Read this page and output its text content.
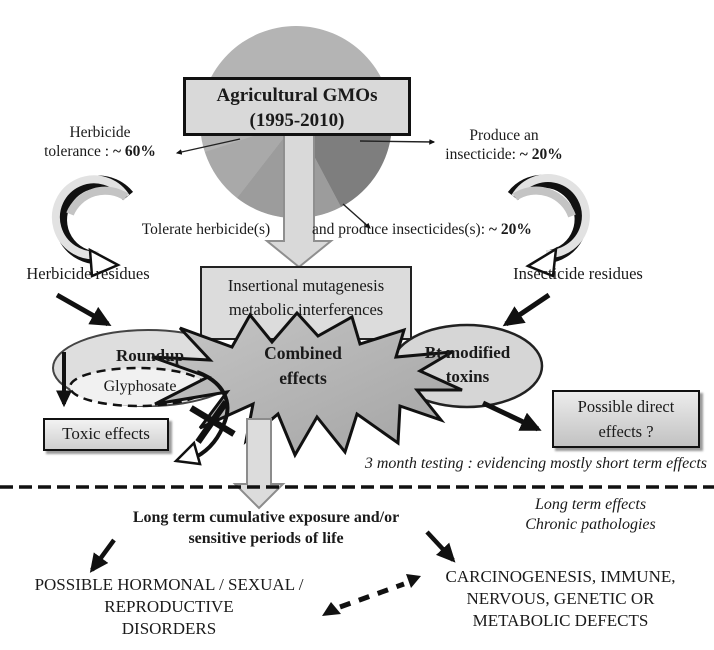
Agricultural GMOs
(1995-2010)
Insertional mutagenesis
metabolic interferences
Toxic effects
Possible direct
effects ?
Herbicide
tolerance : ~ 60%
Produce an
insecticide: ~ 20%
Tolerate herbicide(s)	and produce insecticides(s): ~ 20%
Herbicide residues	Insecticide residues
Roundup
Glyphosate
Combined
effects
Bt modified
toxins
3 month testing : evidencing mostly short term effects
Long term effects
Chronic pathologies
Long term cumulative exposure and/or
sensitive periods of life
POSSIBLE HORMONAL / SEXUAL /
REPRODUCTIVE
DISORDERS
CARCINOGENESIS, IMMUNE,
NERVOUS, GENETIC OR
METABOLIC DEFECTS
